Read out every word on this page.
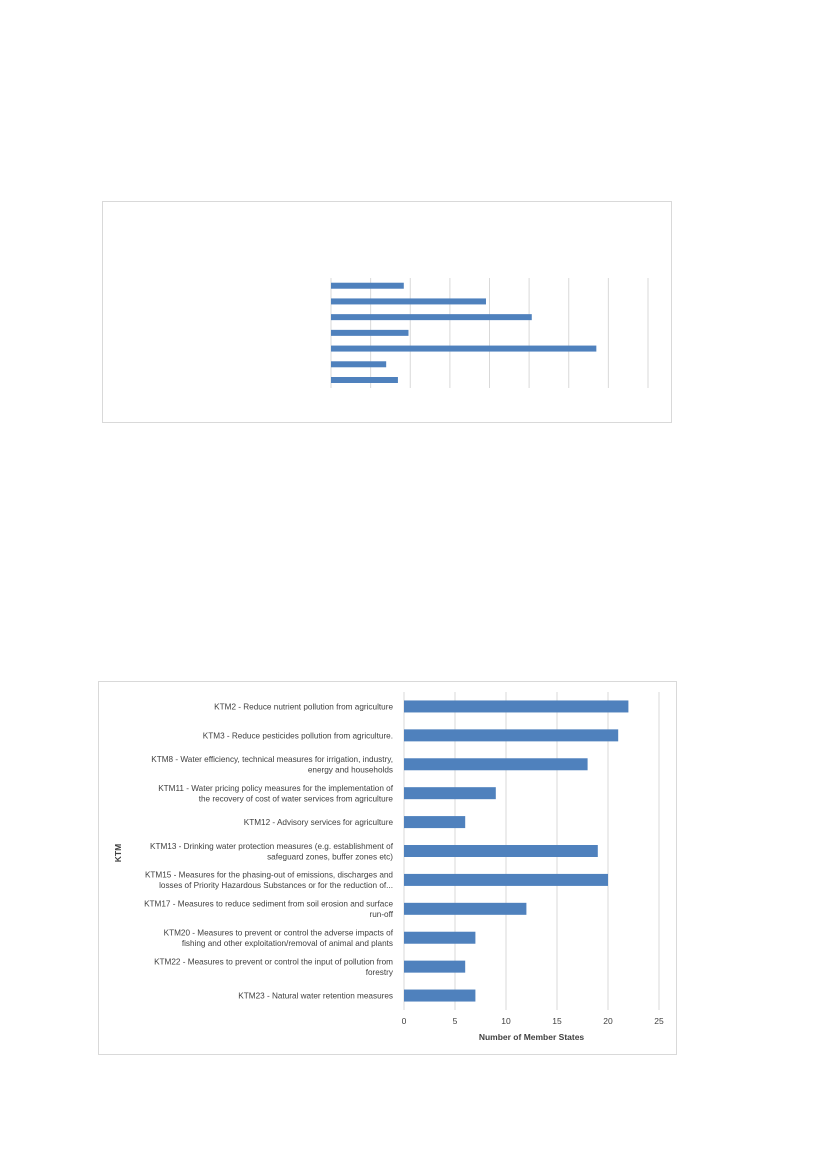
0	5	10	15	20	25
KTM2 - Reduce nutrient pollution from agriculture
KTM3 - Reduce pesticides pollution from agriculture.
KTM8 - Water efficiency, technical measures for irrigation, industry,
energy and households
KTM11 - Water pricing policy measures for the implementation of
the recovery of cost of water services from agriculture
KTM12 - Advisory services for agriculture
KTM13 - Drinking water protection measures (e.g. establishment of
safeguard zones, buffer zones etc)
KTM15 - Measures for the phasing-out of emissions, discharges and
losses of Priority Hazardous Substances or for the reduction of...
KTM17 - Measures to reduce sediment from soil erosion and surface
run-off
KTM20 - Measures to prevent or control the adverse impacts of
fishing and other exploitation/removal of animal and plants
KTM22 - Measures to prevent or control the input of pollution from
forestry
KTM23 - Natural water retention measures
Number of Member States
KTM
